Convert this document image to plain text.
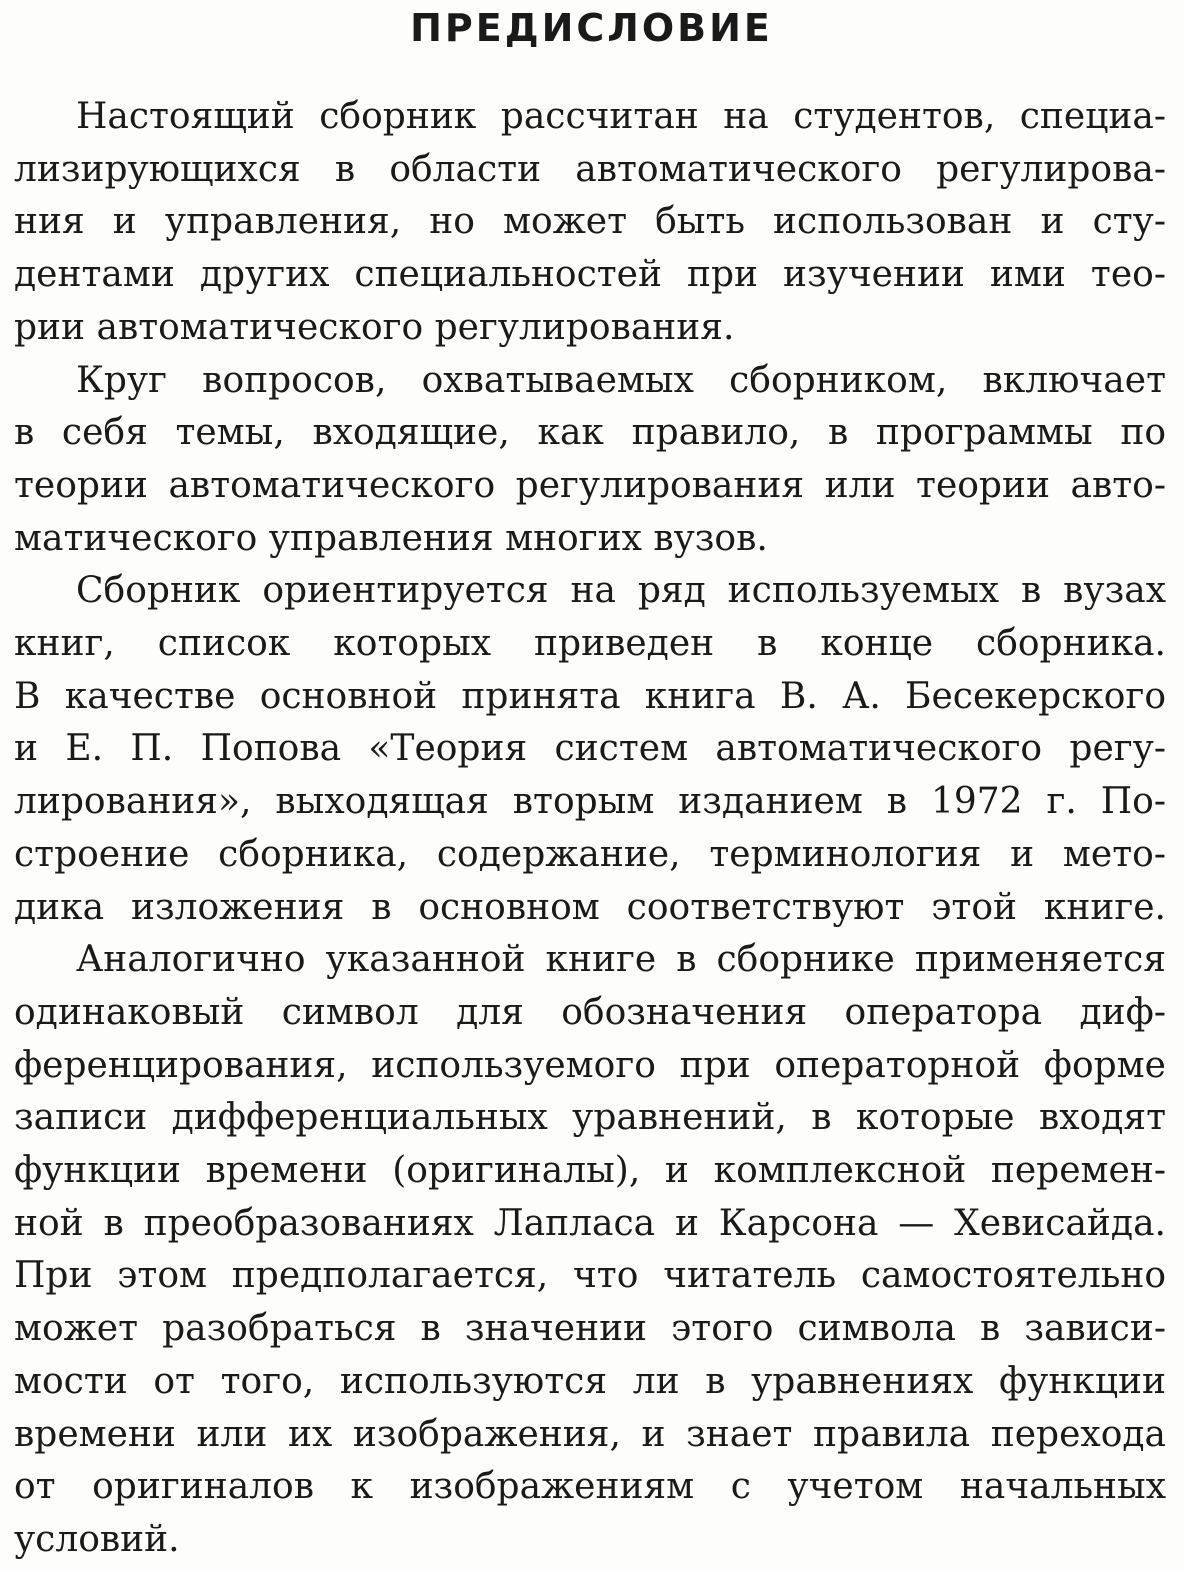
ПРЕДИСЛОВИЕ

Настоящий сборник рассчитан на студентов, специа-

лизирующихся в области автоматического регулирова-

ния и управления, но может быть использован и сту-

дентами других специальностей при изучении ими тео-

рии автоматического регулирования.

Круг вопросов, охватываемых сборником, включает

в себя темы, входящие, как правило, в программы по

теории автоматического регулирования или теории авто-

матического управления многих вузов.

Сборник ориентируется на ряд используемых в вузах

книг, список которых приведен в конце сборника.

В качестве основной принята книга В. А. Бесекерского

и Е. П. Попова «Теория систем автоматического регу-

лирования», выходящая вторым изданием в 1972 г. По-

строение сборника, содержание, терминология и мето-

дика изложения в основном соответствуют этой книге.

Аналогично указанной книге в сборнике применяется

одинаковый символ для обозначения оператора диф-

ференцирования, используемого при операторной форме

записи дифференциальных уравнений, в которые входят

функции времени (оригиналы), и комплексной перемен-

ной в преобразованиях Лапласа и Карсона — Хевисайда.

При этом предполагается, что читатель самостоятельно

может разобраться в значении этого символа в зависи-

мости от того, используются ли в уравнениях функции

времени или их изображения, и знает правила перехода

от оригиналов к изображениям с учетом начальных

условий.
